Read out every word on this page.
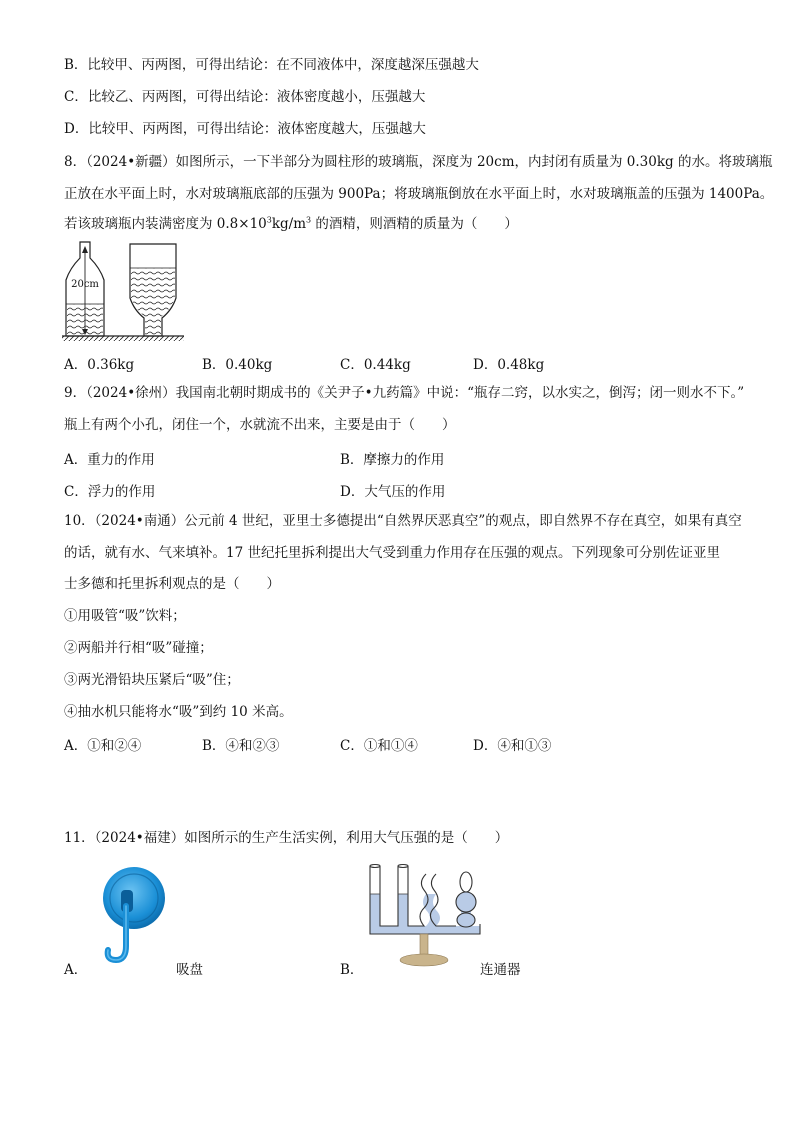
B．比较甲、丙两图，可得出结论：在不同液体中，深度越深压强越大
C．比较乙、丙两图，可得出结论：液体密度越小，压强越大
D．比较甲、丙两图，可得出结论：液体密度越大，压强越大
8．（2024•新疆）如图所示，一下半部分为圆柱形的玻璃瓶，深度为 20cm，内封闭有质量为 0.30kg 的水。将玻璃瓶
正放在水平面上时，水对玻璃瓶底部的压强为 900Pa；将玻璃瓶倒放在水平面上时，水对玻璃瓶盖的压强为 1400Pa。
若该玻璃瓶内装满密度为 $0.8\times 10^3kg/m^3$ 的酒精，则酒精的质量为（　　）
20cm
A．0.36kg	B．0.40kg	C．0.44kg	D．0.48kg
9．（2024•徐州）我国南北朝时期成书的《关尹子•九药篇》中说：“瓶存二窍，以水实之，倒泻；闭一则水不下。”
瓶上有两个小孔，闭住一个，水就流不出来，主要是由于（　　）
A．重力的作用	B．摩擦力的作用
C．浮力的作用	D．大气压的作用
10．（2024•南通）公元前 4 世纪，亚里士多德提出“自然界厌恶真空”的观点，即自然界不存在真空，如果有真空
的话，就有水、气来填补。17 世纪托里拆利提出大气受到重力作用存在压强的观点。下列现象可分别佐证亚里
士多德和托里拆利观点的是（　　）
①用吸管“吸”饮料；
②两船并行相“吸”碰撞；
③两光滑铅块压紧后“吸”住；
④抽水机只能将水“吸”到约 10 米高。
A．①和②④	B．④和②③	C．①和①④	D．④和①③
11．（2024•福建）如图所示的生产生活实例，利用大气压强的是（　　）
A．	吸盘	B．	连通器
